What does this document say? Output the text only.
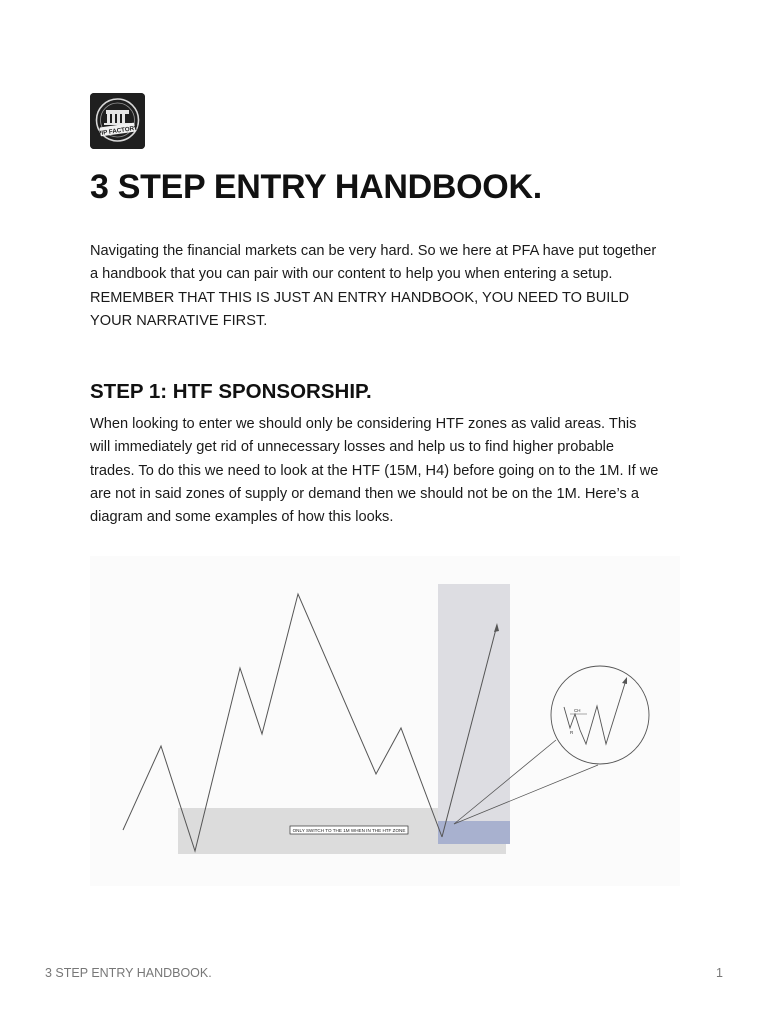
PIP FACTORY
3 STEP ENTRY HANDBOOK.

Navigating the financial markets can be very hard. So we here at PFA have put together
a handbook that you can pair with our content to help you when entering a setup.
REMEMBER THAT THIS IS JUST AN ENTRY HANDBOOK, YOU NEED TO BUILD
YOUR NARRATIVE FIRST.

STEP 1: HTF SPONSORSHIP.

When looking to enter we should only be considering HTF zones as valid areas. This
will immediately get rid of unnecessary losses and help us to find higher probable
trades. To do this we need to look at the HTF (15M, H4) before going on to the 1M. If we
are not in said zones of supply or demand then we should not be on the 1M. Here’s a
diagram and some examples of how this looks.

CH
R
ONLY SWITCH TO THE 1M WHEN IN THE HTF ZONE
3 STEP ENTRY HANDBOOK.	1
